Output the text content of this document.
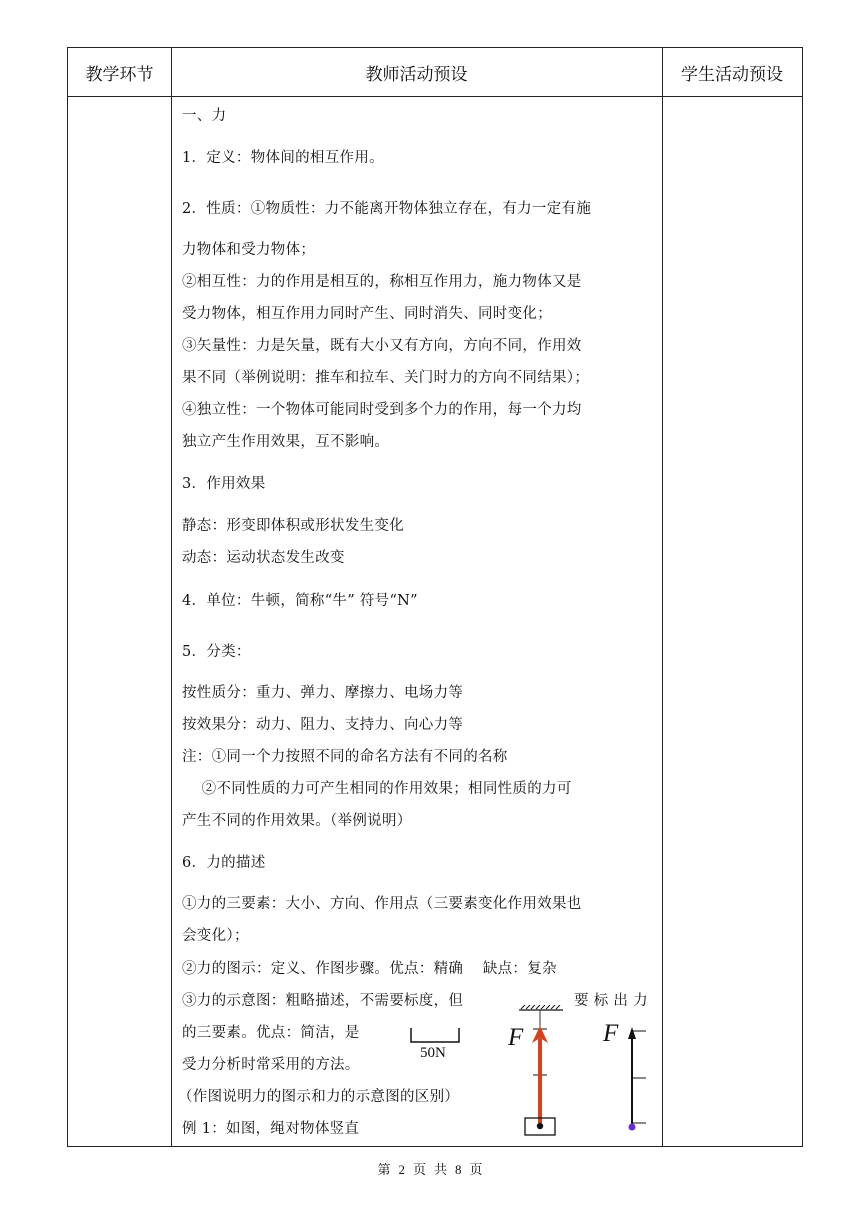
教学环节	教师活动预设	学生活动预设
一、力
1．定义：物体间的相互作用。
2．性质：①物质性：力不能离开物体独立存在，有力一定有施
力物体和受力物体；
②相互性：力的作用是相互的，称相互作用力，施力物体又是
受力物体，相互作用力同时产生、同时消失、同时变化；
③矢量性：力是矢量，既有大小又有方向，方向不同，作用效
果不同（举例说明：推车和拉车、关门时力的方向不同结果）；
④独立性：一个物体可能同时受到多个力的作用，每一个力均
独立产生作用效果，互不影响。
3．作用效果
静态：形变即体积或形状发生变化
动态：运动状态发生改变
4．单位：牛顿，简称“牛” 符号“N”
5．分类：
按性质分：重力、弹力、摩擦力、电场力等
按效果分：动力、阻力、支持力、向心力等
注：①同一个力按照不同的命名方法有不同的名称
②不同性质的力可产生相同的作用效果；相同性质的力可
产生不同的作用效果。（举例说明）
6．力的描述
①力的三要素：大小、方向、作用点（三要素变化作用效果也
会变化）；
②力的图示：定义、作图步骤。优点：精确    缺点：复杂
③力的示意图：粗略描述，不需要标度，但	要 标 出 力
的三要素。优点：简洁，是
受力分析时常采用的方法。
（作图说明力的图示和力的示意图的区别）
例 1：如图，绳对物体竖直
50N
F	F
第 2 页 共 8 页
